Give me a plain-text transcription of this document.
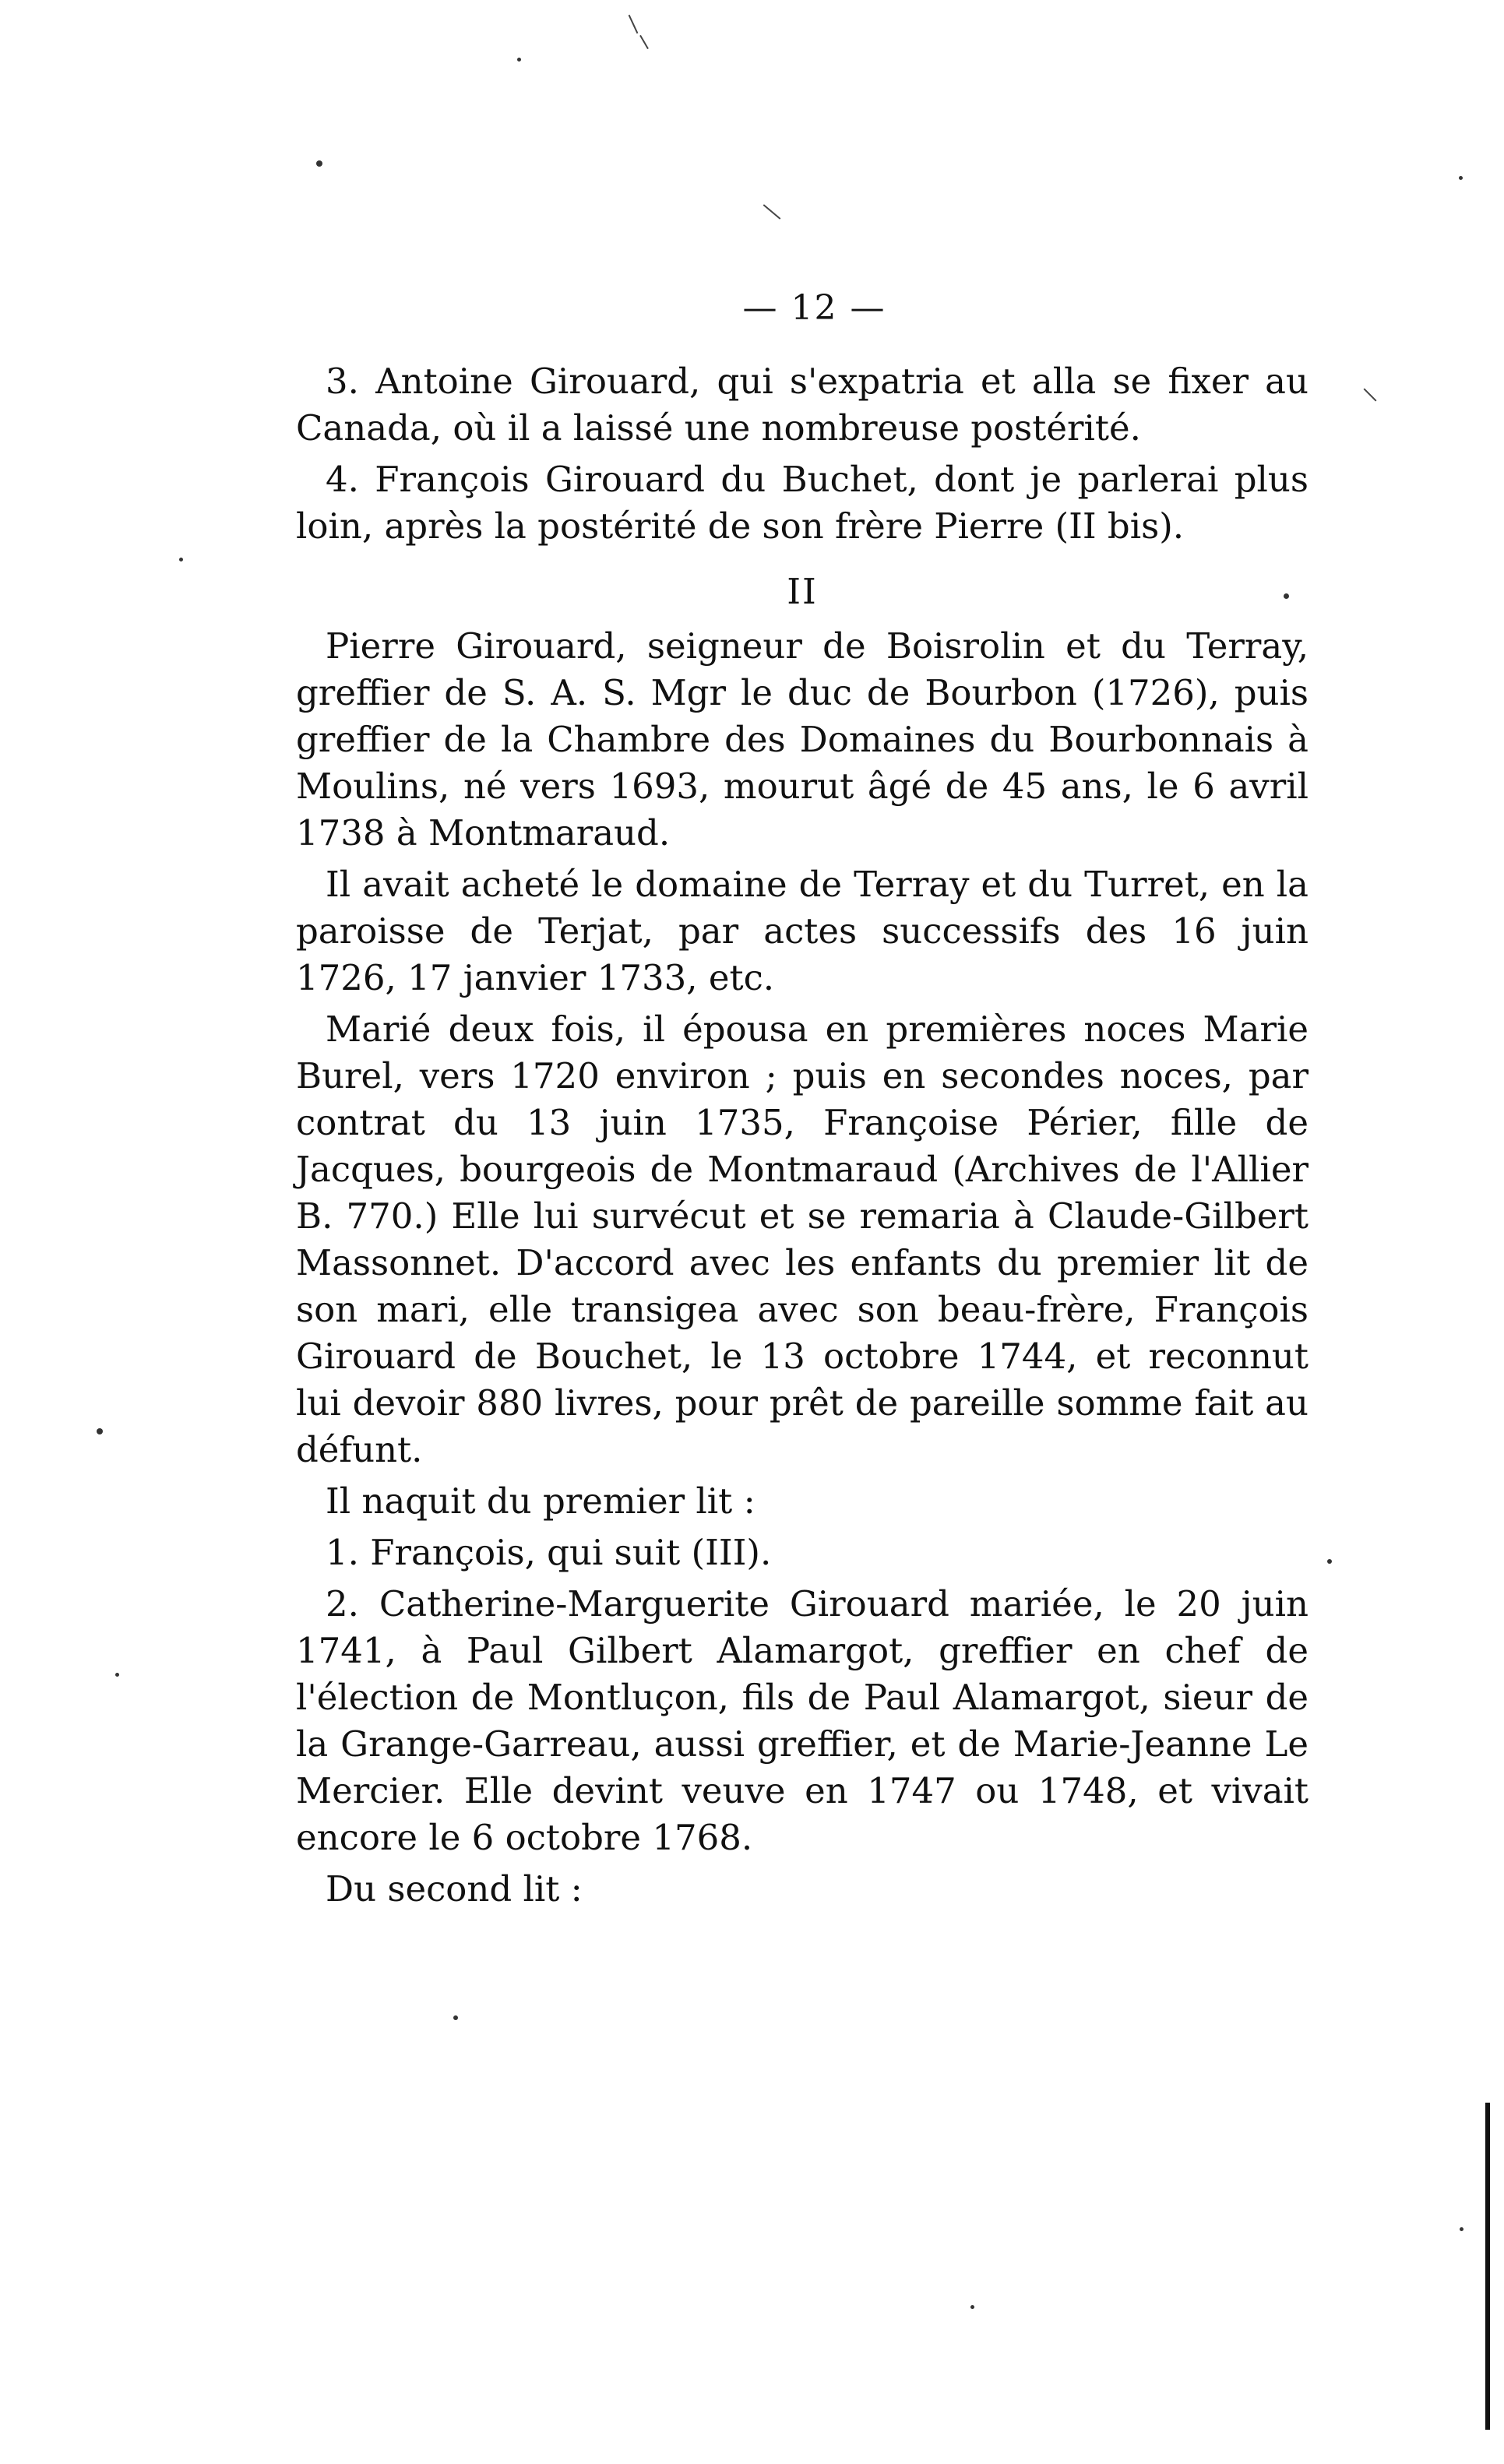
— 12 —

3. Antoine Girouard, qui s'expatria et alla se fixer au Canada, où il a laissé une nombreuse postérité.

4. François Girouard du Buchet, dont je parlerai plus loin, après la postérité de son frère Pierre (II bis).

II

Pierre Girouard, seigneur de Boisrolin et du Terray, greffier de S. A. S. Mgr le duc de Bourbon (1726), puis greffier de la Chambre des Domaines du Bourbonnais à Moulins, né vers 1693, mourut âgé de 45 ans, le 6 avril 1738 à Montmaraud.

Il avait acheté le domaine de Terray et du Turret, en la paroisse de Terjat, par actes successifs des 16 juin 1726, 17 janvier 1733, etc.

Marié deux fois, il épousa en premières noces Marie Burel, vers 1720 environ ; puis en secondes noces, par contrat du 13 juin 1735, Françoise Périer, fille de Jacques, bourgeois de Montmaraud (Archives de l'Allier B. 770.) Elle lui survécut et se remaria à Claude-Gilbert Massonnet. D'accord avec les enfants du premier lit de son mari, elle transigea avec son beau-frère, François Girouard de Bouchet, le 13 octobre 1744, et reconnut lui devoir 880 livres, pour prêt de pareille somme fait au défunt.

Il naquit du premier lit :

1. François, qui suit (III).

2. Catherine-Marguerite Girouard mariée, le 20 juin 1741, à Paul Gilbert Alamargot, greffier en chef de l'élection de Montluçon, fils de Paul Alamargot, sieur de la Grange-Garreau, aussi greffier, et de Marie-Jeanne Le Mercier. Elle devint veuve en 1747 ou 1748, et vivait encore le 6 octobre 1768.

Du second lit :
